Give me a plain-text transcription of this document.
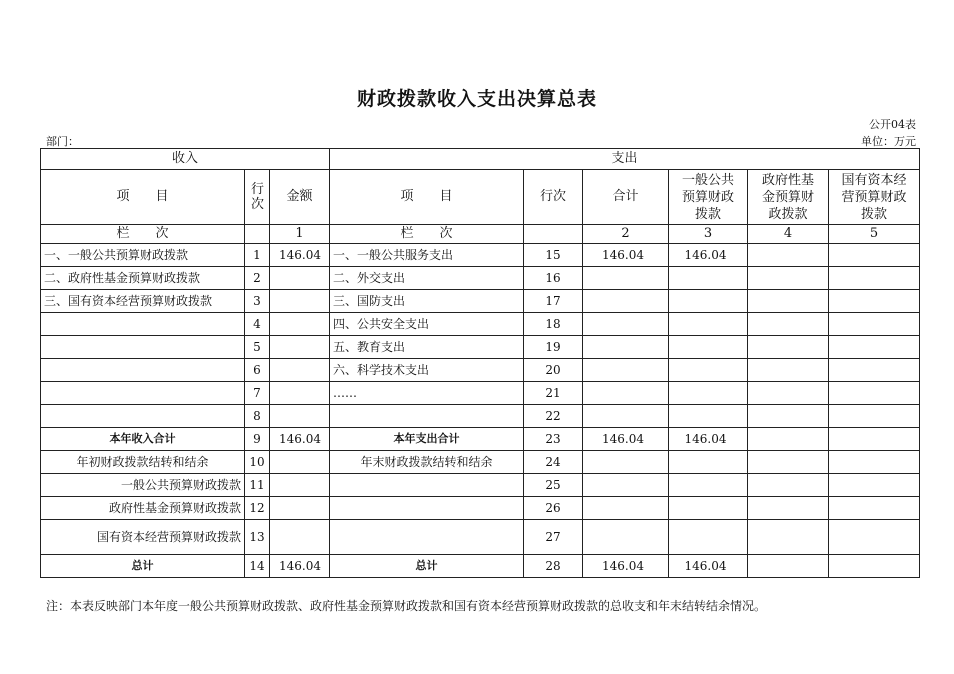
财政拨款收入支出决算总表
公开04表
部门：	单位：万元
收入			支出					
项　　目	行次	金额	项　　目	行次	合计	一般公共预算财政拨款	政府性基金预算财政拨款	国有资本经营预算财政拨款

栏　　次		1	栏　　次		2	3	4	5
一、一般公共预算财政拨款	1	146.04	一、一般公共服务支出	15	146.04	146.04		
二、政府性基金预算财政拨款	2		二、外交支出	16				
三、国有资本经营预算财政拨款	3		三、国防支出	17				
	4		四、公共安全支出	18				
	5		五、教育支出	19				
	6		六、科学技术支出	20				
	7		……	21				
	8			22				
本年收入合计	9	146.04	本年支出合计	23	146.04	146.04		
年初财政拨款结转和结余	10		年末财政拨款结转和结余	24				
一般公共预算财政拨款	11			25				
政府性基金预算财政拨款	12			26				
国有资本经营预算财政拨款	13			27				
总计	14	146.04	总计	28	146.04	146.04		
注：本表反映部门本年度一般公共预算财政拨款、政府性基金预算财政拨款和国有资本经营预算财政拨款的总收支和年末结转结余情况。
